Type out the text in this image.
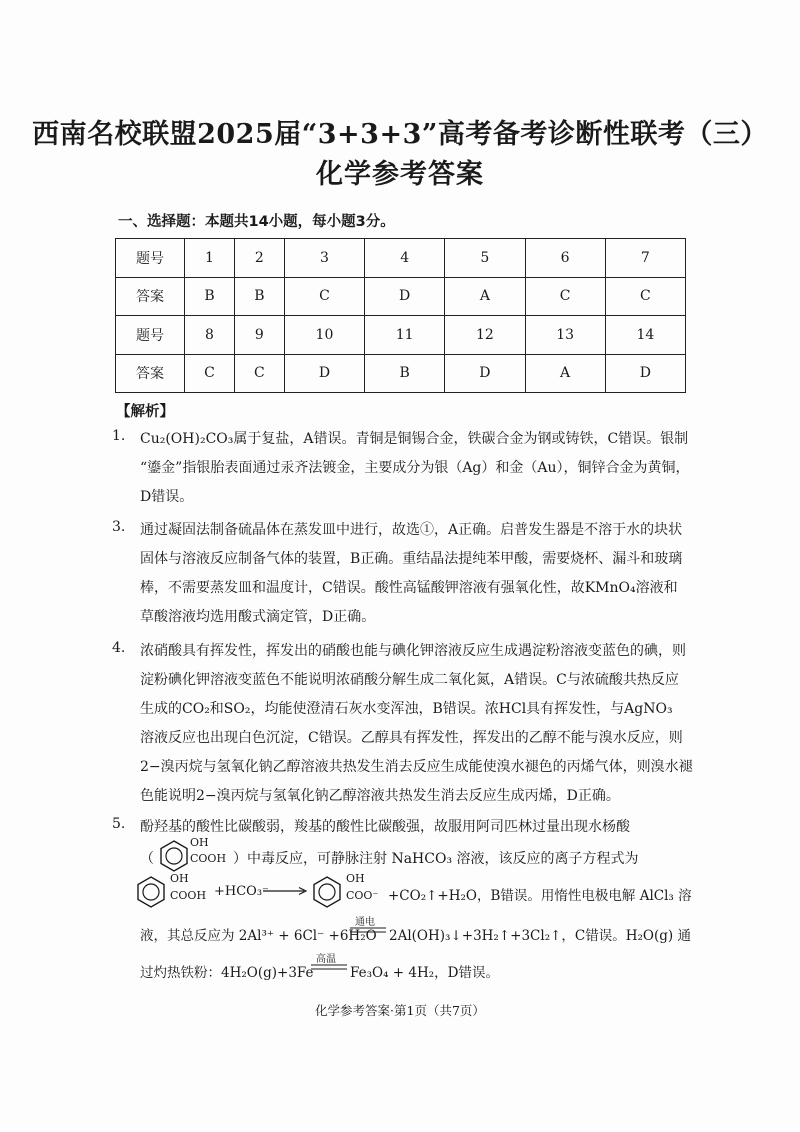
西南名校联盟2025届“3+3+3”高考备考诊断性联考（三）
化学参考答案
一、选择题：本题共14小题，每小题3分。
题号	1	2	3	4	5	6	7
答案	B	B	C	D	A	C	C
题号	8	9	10	11	12	13	14
答案	C	C	D	B	D	A	D
【解析】
1. Cu₂(OH)₂CO₃属于复盐，A错误。青铜是铜锡合金，铁碳合金为钢或铸铁，C错误。银制
“鎏金”指银胎表面通过汞齐法镀金，主要成分为银（Ag）和金（Au），铜锌合金为黄铜，
D错误。
3. 通过凝固法制备硫晶体在蒸发皿中进行，故选①，A正确。启普发生器是不溶于水的块状
固体与溶液反应制备气体的装置，B正确。重结晶法提纯苯甲酸，需要烧杯、漏斗和玻璃
棒，不需要蒸发皿和温度计，C错误。酸性高锰酸钾溶液有强氧化性，故KMnO₄溶液和
草酸溶液均选用酸式滴定管，D正确。
4. 浓硝酸具有挥发性，挥发出的硝酸也能与碘化钾溶液反应生成遇淀粉溶液变蓝色的碘，则
淀粉碘化钾溶液变蓝色不能说明浓硝酸分解生成二氧化氮，A错误。C与浓硫酸共热反应
生成的CO₂和SO₂，均能使澄清石灰水变浑浊，B错误。浓HCl具有挥发性，与AgNO₃
溶液反应也出现白色沉淀，C错误。乙醇具有挥发性，挥发出的乙醇不能与溴水反应，则
2−溴丙烷与氢氧化钠乙醇溶液共热发生消去反应生成能使溴水褪色的丙烯气体，则溴水褪
色能说明2−溴丙烷与氢氧化钠乙醇溶液共热发生消去反应生成丙烯，D正确。
5. 酚羟基的酸性比碳酸弱，羧基的酸性比碳酸强，故服用阿司匹林过量出现水杨酸
（
OH
COOH ）中毒反应，可静脉注射 NaHCO₃ 溶液，该反应的离子方程式为
OH
COOH +HCO₃⁻
OH
COO⁻ +CO₂↑+H₂O，B错误。用惰性电极电解 AlCl₃ 溶
液，其总反应为 2Al³⁺ + 6Cl⁻ +6H₂O
通电
2Al(OH)₃↓+3H₂↑+3Cl₂↑，C错误。H₂O(g) 通
过灼热铁粉：4H₂O(g)+3Fe
高温
Fe₃O₄ + 4H₂，D错误。
化学参考答案·第1页（共7页）
